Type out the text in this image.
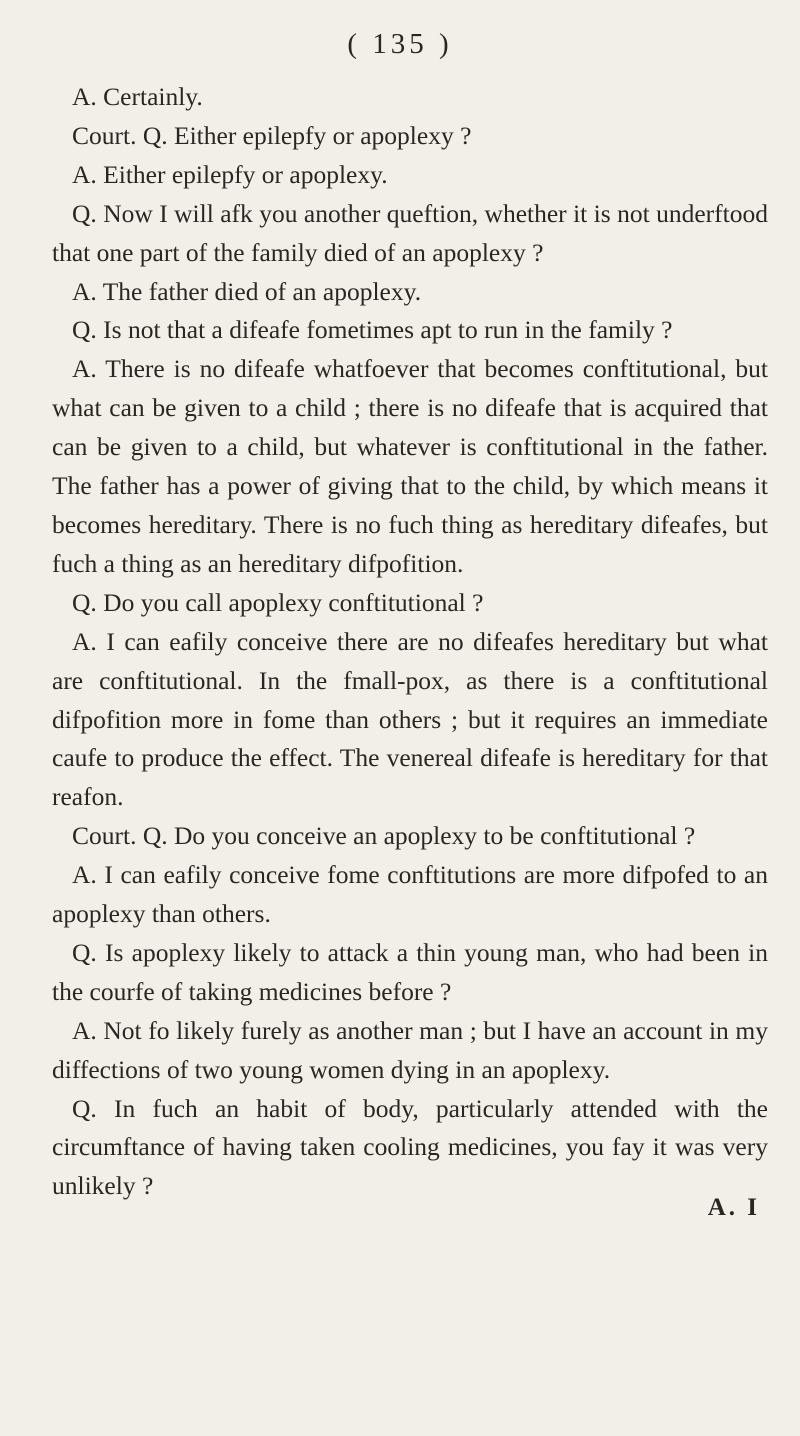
( 135 )

A. Certainly.

Court. Q. Either epilepfy or apoplexy ?

A. Either epilepfy or apoplexy.

Q. Now I will afk you another queftion, whether it is not underftood that one part of the family died of an apoplexy ?

A. The father died of an apoplexy.

Q. Is not that a difeafe fometimes apt to run in the family ?

A. There is no difeafe whatfoever that becomes conftitutional, but what can be given to a child ; there is no difeafe that is acquired that can be given to a child, but whatever is conftitutional in the father. The father has a power of giving that to the child, by which means it becomes hereditary. There is no fuch thing as hereditary difeafes, but fuch a thing as an hereditary difpofition.

Q. Do you call apoplexy conftitutional ?

A. I can eafily conceive there are no difeafes hereditary but what are conftitutional. In the fmall-pox, as there is a conftitutional difpofition more in fome than others ; but it requires an immediate caufe to produce the effect. The venereal difeafe is hereditary for that reafon.

Court. Q. Do you conceive an apoplexy to be conftitutional ?

A. I can eafily conceive fome conftitutions are more difpofed to an apoplexy than others.

Q. Is apoplexy likely to attack a thin young man, who had been in the courfe of taking medicines before ?

A. Not fo likely furely as another man ; but I have an account in my diffections of two young women dying in an apoplexy.

Q. In fuch an habit of body, particularly attended with the circumftance of having taken cooling medicines, you fay it was very unlikely ?

A. I
